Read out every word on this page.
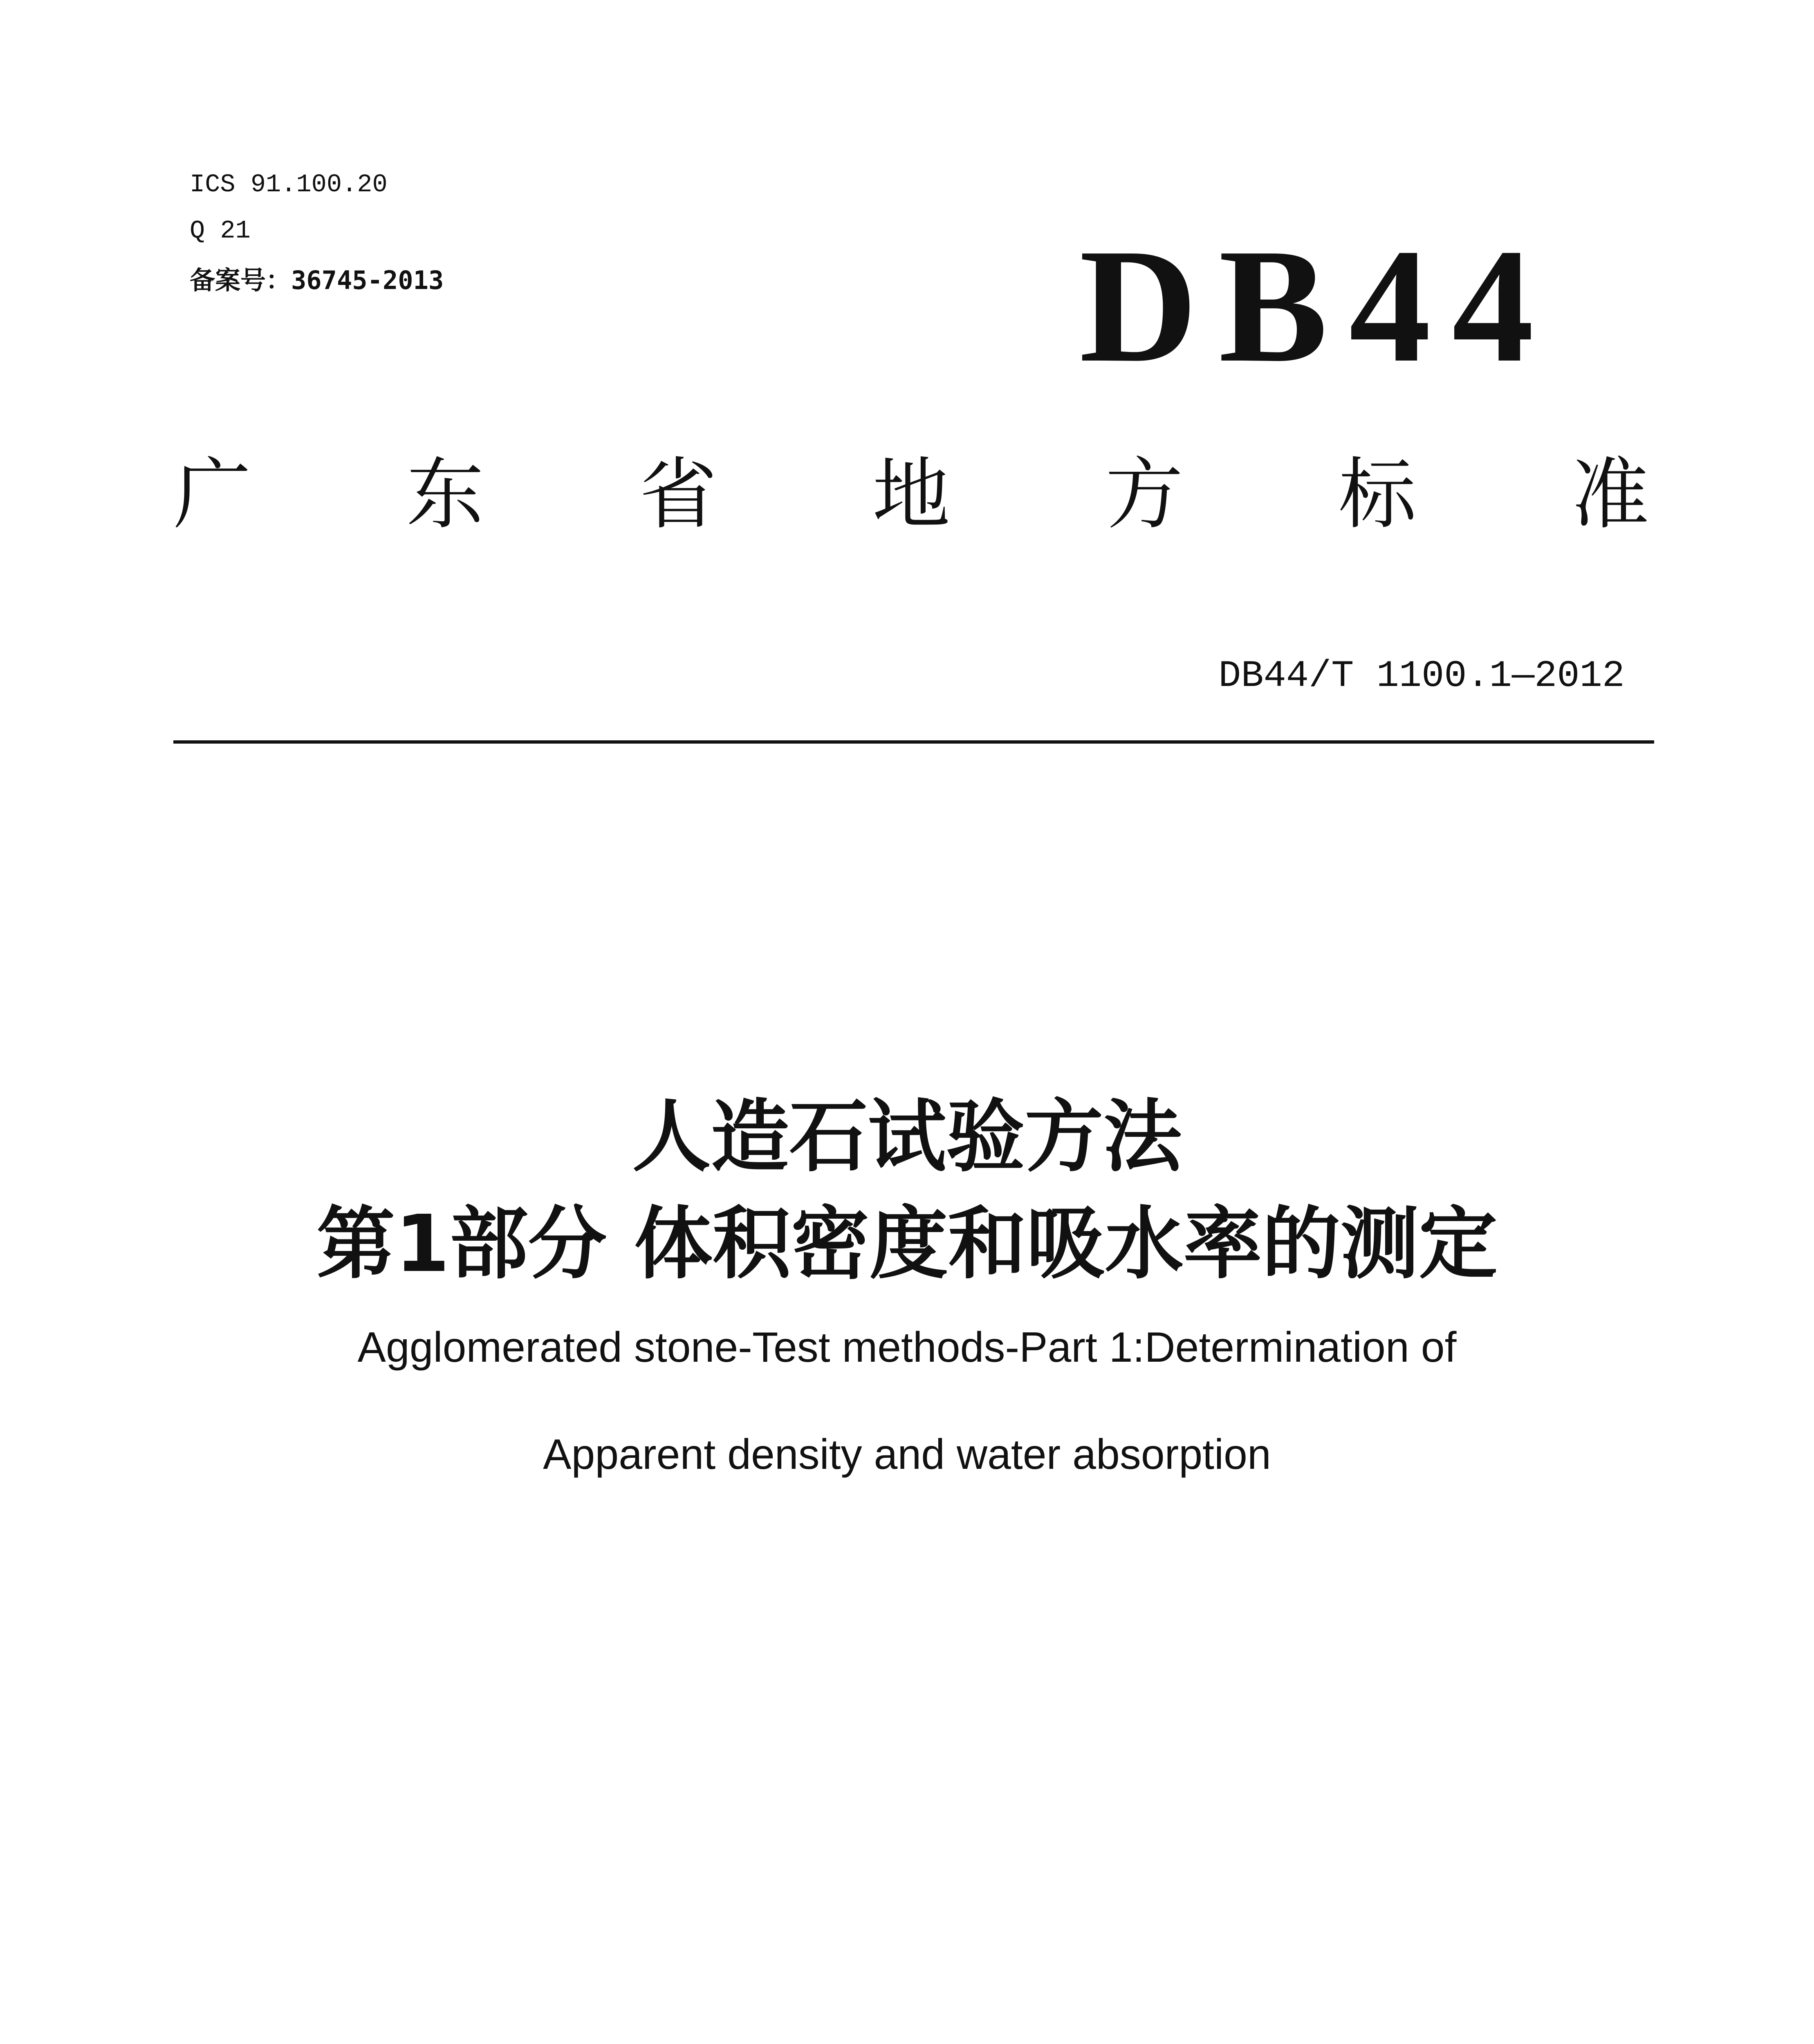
ICS 91.100.20
Q 21
备案号：36745-2013	DB44
广 东 省 地 方 标 准
DB44/T 1100.1—2012
人造石试验方法
第1部分 体积密度和吸水率的测定
Agglomerated stone-Test methods-Part 1:Determination of
Apparent density and water absorption
